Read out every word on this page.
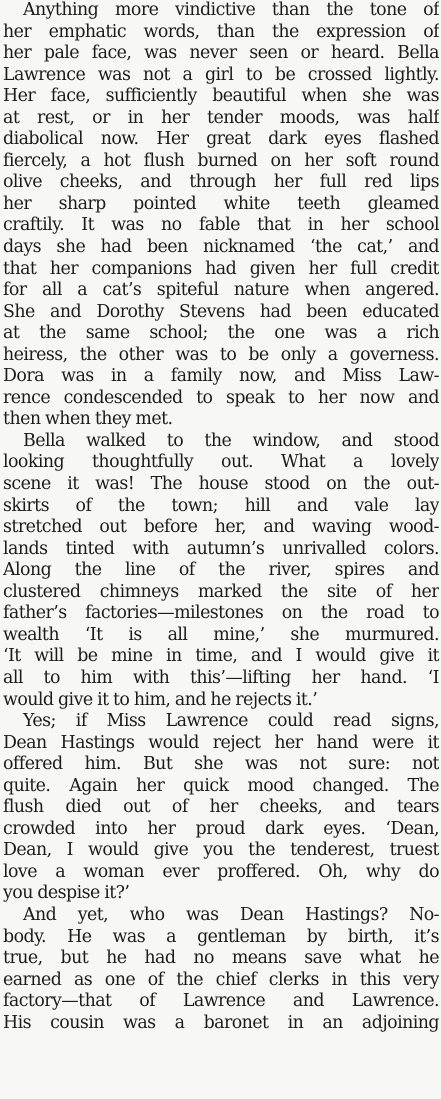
Anything more vindictive than the tone of
her emphatic words, than the expression of
her pale face, was never seen or heard. Bella
Lawrence was not a girl to be crossed lightly.
Her face, sufficiently beautiful when she was
at rest, or in her tender moods, was half
diabolical now. Her great dark eyes flashed
fiercely, a hot flush burned on her soft round
olive cheeks, and through her full red lips
her sharp pointed white teeth gleamed
craftily. It was no fable that in her school
days she had been nicknamed ‘the cat,’ and
that her companions had given her full credit
for all a cat’s spiteful nature when angered.
She and Dorothy Stevens had been educated
at the same school; the one was a rich
heiress, the other was to be only a governess.
Dora was in a family now, and Miss Law-
rence condescended to speak to her now and
then when they met.
Bella walked to the window, and stood
looking thoughtfully out. What a lovely
scene it was! The house stood on the out-
skirts of the town; hill and vale lay
stretched out before her, and waving wood-
lands tinted with autumn’s unrivalled colors.
Along the line of the river, spires and
clustered chimneys marked the site of her
father’s factories—milestones on the road to
wealth ‘It is all mine,’ she murmured.
‘It will be mine in time, and I would give it
all to him with this’—lifting her hand. ‘I
would give it to him, and he rejects it.’
Yes; if Miss Lawrence could read signs,
Dean Hastings would reject her hand were it
offered him. But she was not sure: not
quite. Again her quick mood changed. The
flush died out of her cheeks, and tears
crowded into her proud dark eyes. ‘Dean,
Dean, I would give you the tenderest, truest
love a woman ever proffered. Oh, why do
you despise it?’
And yet, who was Dean Hastings? No-
body. He was a gentleman by birth, it’s
true, but he had no means save what he
earned as one of the chief clerks in this very
factory—that of Lawrence and Lawrence.
His cousin was a baronet in an adjoining
